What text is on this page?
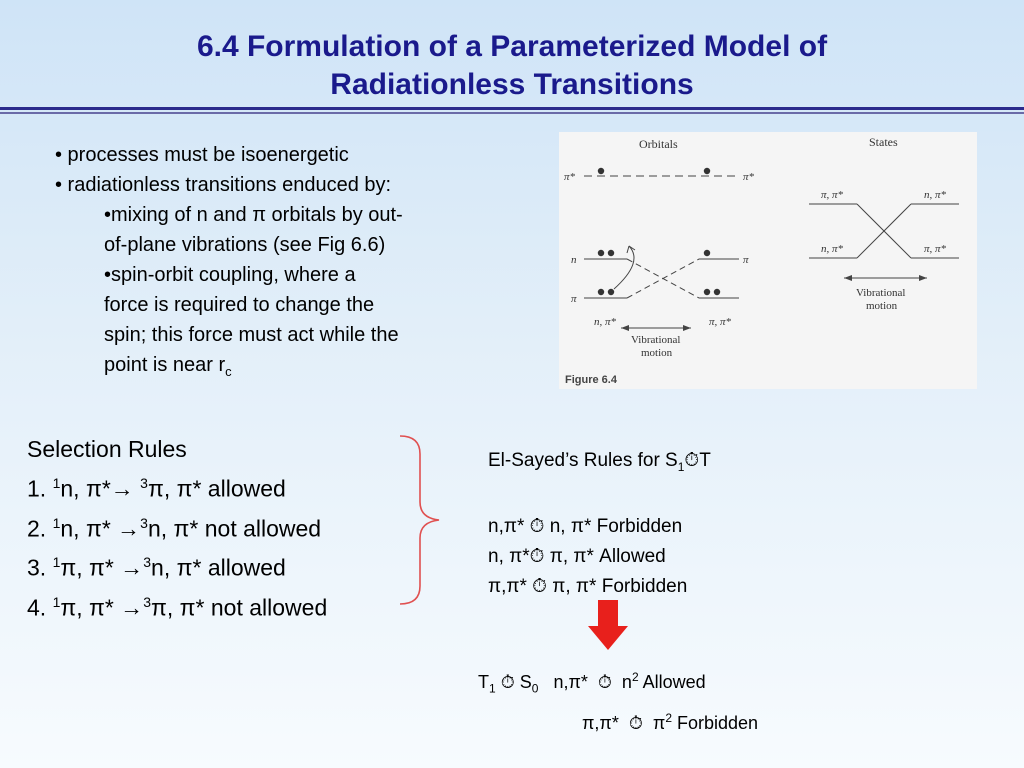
6.4 Formulation of a Parameterized Model of
Radiationless Transitions
• processes must be isoenergetic
• radiationless transitions enduced by:
•mixing of n and π orbitals by out-
of-plane vibrations (see Fig 6.6)
•spin-orbit coupling, where a
force is required to change the
spin; this force must act while the
point is near $r_c$
Orbitals	States
π*	π*
n	π
π
n, π*	π, π*
Vibrational
motion
π, π*	n, π*
n, π*	π, π*
Vibrational
motion
Figure 6.4
Selection Rules
1. $^1$n, π*→ $^3$π, π* allowed
2. $^1$n, π* →$^3$n, π* not allowed
3. $^1$π, π* →$^3$n, π* allowed
4. $^1$π, π* →$^3$π, π* not allowed
El-Sayed’s Rules for $S_1⏱T$
n,π* ⏱ n, π* Forbidden
n, π*⏱ π, π* Allowed
π,π* ⏱ π, π* Forbidden
$T_1$ ⏱ $S_0$   n,π*  ⏱  $n^2$ Allowed
π,π*  ⏱  $\pi^2$ Forbidden
